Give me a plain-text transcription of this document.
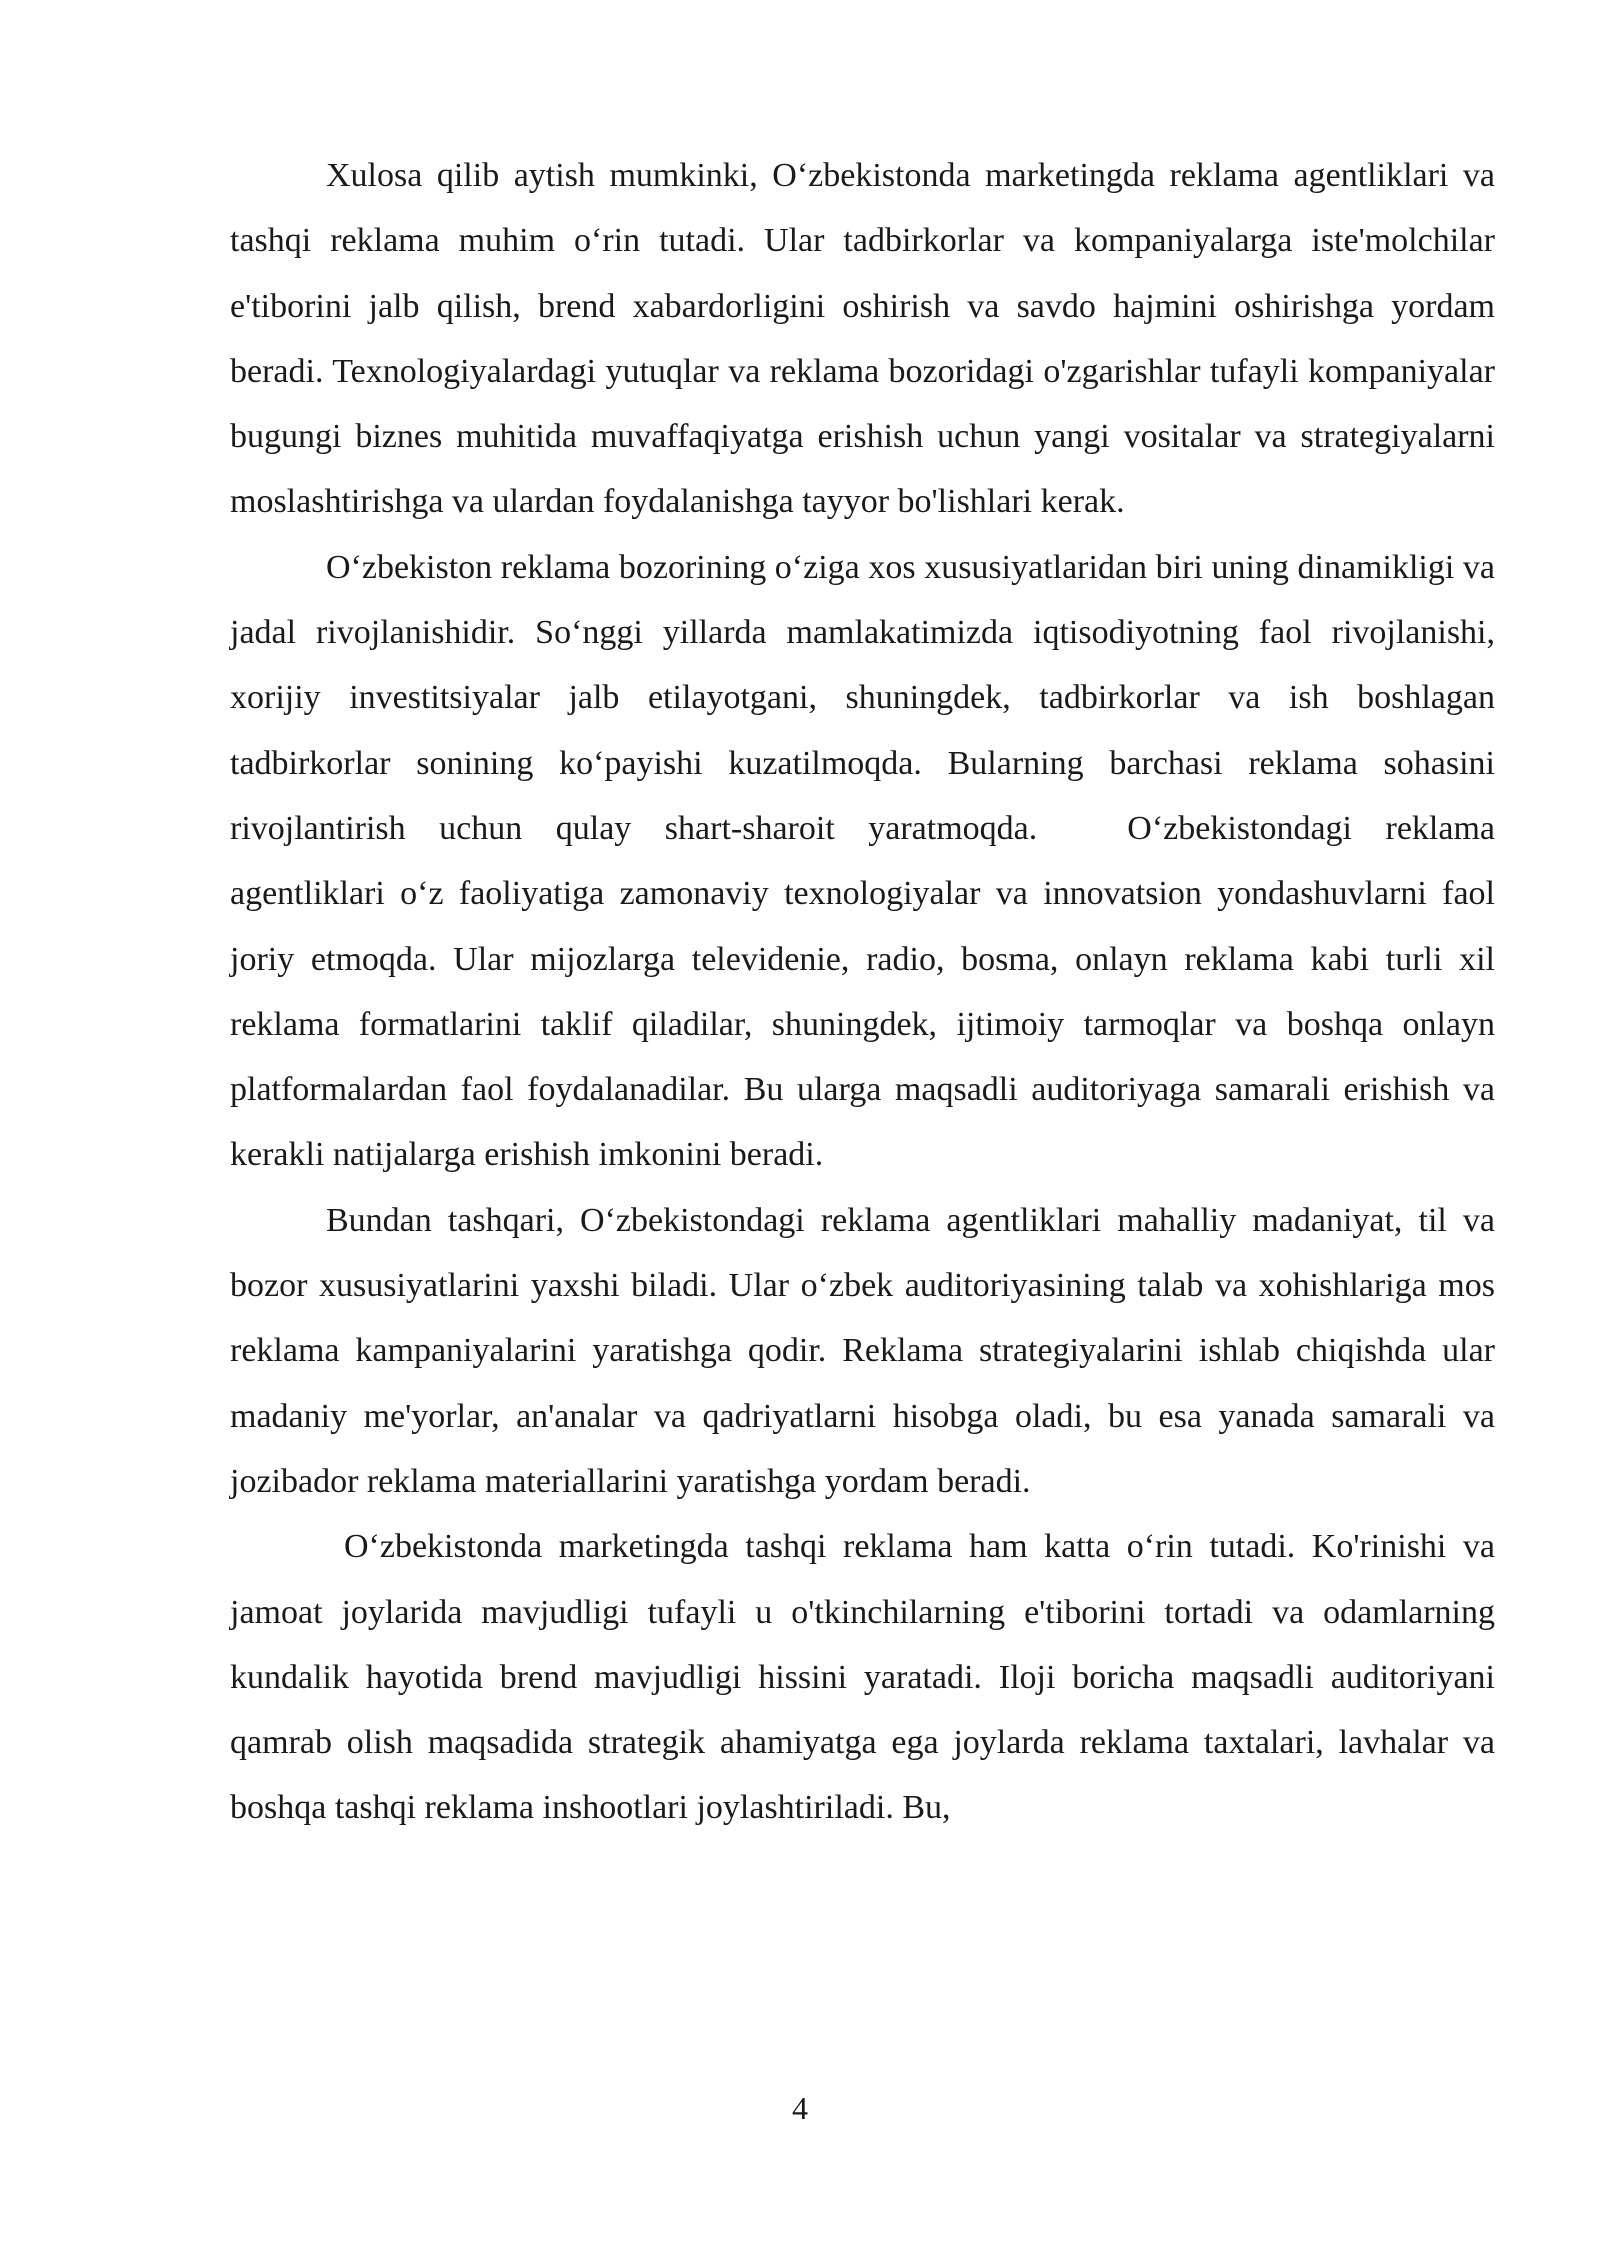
Xulosa qilib aytish mumkinki, O‘zbekistonda marketingda reklama agentliklari va tashqi reklama muhim o‘rin tutadi. Ular tadbirkorlar va kompaniyalarga iste'molchilar e'tiborini jalb qilish, brend xabardorligini oshirish va savdo hajmini oshirishga yordam beradi. Texnologiyalardagi yutuqlar va reklama bozoridagi o'zgarishlar tufayli kompaniyalar bugungi biznes muhitida muvaffaqiyatga erishish uchun yangi vositalar va strategiyalarni moslashtirishga va ulardan foydalanishga tayyor bo'lishlari kerak.

O‘zbekiston reklama bozorining o‘ziga xos xususiyatlaridan biri uning dinamikligi va jadal rivojlanishidir. So‘nggi yillarda mamlakatimizda iqtisodiyotning faol rivojlanishi, xorijiy investitsiyalar jalb etilayotgani, shuningdek, tadbirkorlar va ish boshlagan tadbirkorlar sonining ko‘payishi kuzatilmoqda. Bularning barchasi reklama sohasini rivojlantirish uchun qulay shart-sharoit yaratmoqda.	O‘zbekistondagi reklama agentliklari o‘z faoliyatiga zamonaviy texnologiyalar va innovatsion yondashuvlarni faol joriy etmoqda. Ular mijozlarga televidenie, radio, bosma, onlayn reklama kabi turli xil reklama formatlarini taklif qiladilar, shuningdek, ijtimoiy tarmoqlar va boshqa onlayn platformalardan faol foydalanadilar. Bu ularga maqsadli auditoriyaga samarali erishish va kerakli natijalarga erishish imkonini beradi.

Bundan tashqari, O‘zbekistondagi reklama agentliklari mahalliy madaniyat, til va bozor xususiyatlarini yaxshi biladi. Ular o‘zbek auditoriyasining talab va xohishlariga mos reklama kampaniyalarini yaratishga qodir. Reklama strategiyalarini ishlab chiqishda ular madaniy me'yorlar, an'analar va qadriyatlarni hisobga oladi, bu esa yanada samarali va jozibador reklama materiallarini yaratishga yordam beradi.

O‘zbekistonda marketingda tashqi reklama ham katta o‘rin tutadi. Ko'rinishi va jamoat joylarida mavjudligi tufayli u o'tkinchilarning e'tiborini tortadi va odamlarning kundalik hayotida brend mavjudligi hissini yaratadi. Iloji boricha maqsadli auditoriyani qamrab olish maqsadida strategik ahamiyatga ega joylarda reklama taxtalari, lavhalar va boshqa tashqi reklama inshootlari joylashtiriladi. Bu,

4
